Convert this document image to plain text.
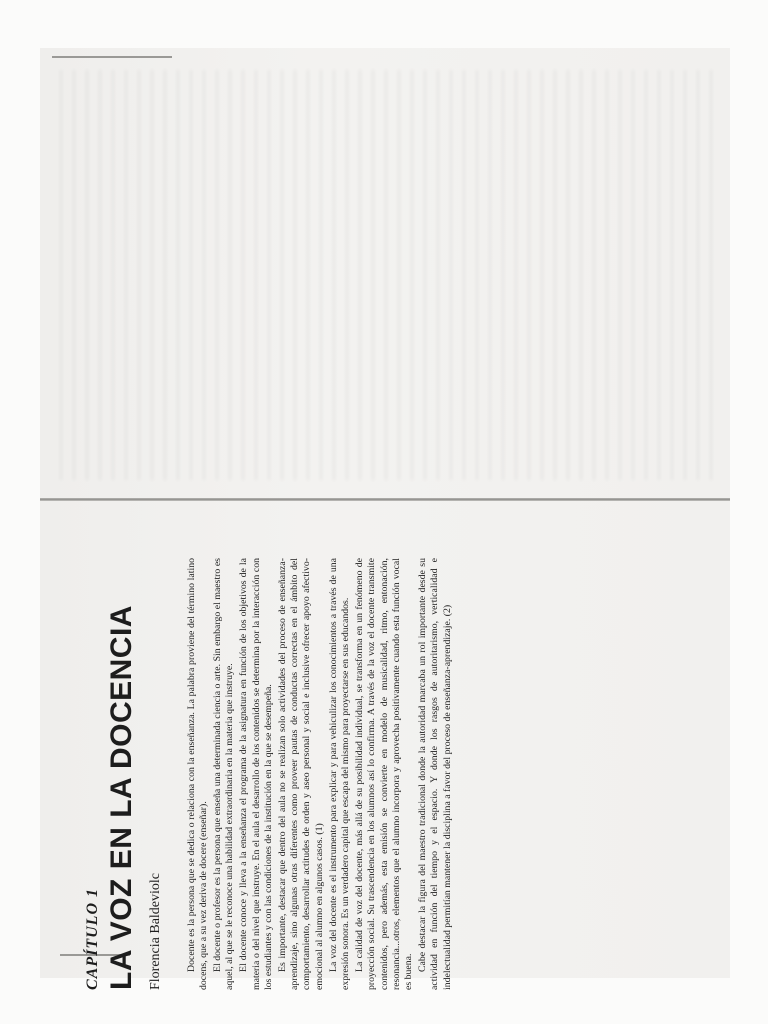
CAPÍTULO 1 LA VOZ EN LA DOCENCIA Florencia Baldeviolc Docente es la persona que se dedica o relaciona con la enseñanza. La palabra proviene del término latino docens, que a su vez deriva de docere (enseñar). El docente o profesor es la persona que enseña una determinada ciencia o arte. Sin embargo el maestro es aquel, al que se le reconoce una habilidad extraordinaria en la materia que instruye. El docente conoce y lleva a la enseñanza el programa de la asignatura en función de los objetivos de la materia o del nivel que instruye. En el aula el desarrollo de los contenidos se determina por la interacción con los estudiantes y con las condiciones de la institución en la que se desempeña. Es importante, destacar que dentro del aula no se realizan solo actividades del proceso de enseñanza-aprendizaje, sino algunas otras diferentes como proveer pautas de conductas correctas en el ámbito del comportamiento, desarrollar actitudes de orden y aseo personal y social e inclusive ofrecer apoyo afectivo-emocional al alumno en algunos casos. (1) La voz del docente es el instrumento para explicar y para vehiculizar los conocimientos a través de una expresión sonora. Es un verdadero capital que escapa del mismo para proyectarse en sus educandos. La calidad de voz del docente, más allá de su posibilidad individual, se transforma en un fenómeno de proyección social. Su trascendencia en los alumnos así lo confirma. A través de la voz el docente transmite contenidos, pero además, esta emisión se convierte en modelo de musicalidad, ritmo, entonación, resonancia...otros, elementos que el alumno incorpora y aprovecha positivamente cuando esta función vocal es buena. Cabe destacar la figura del maestro tradicional donde la autoridad marcaba un rol importante desde su actividad en función del tiempo y el espacio. Y donde los rasgos de autoritarismo, verticalidad e indelectualidad permitían mantener la disciplina a favor del proceso de enseñanza-aprendizaje. (2)
